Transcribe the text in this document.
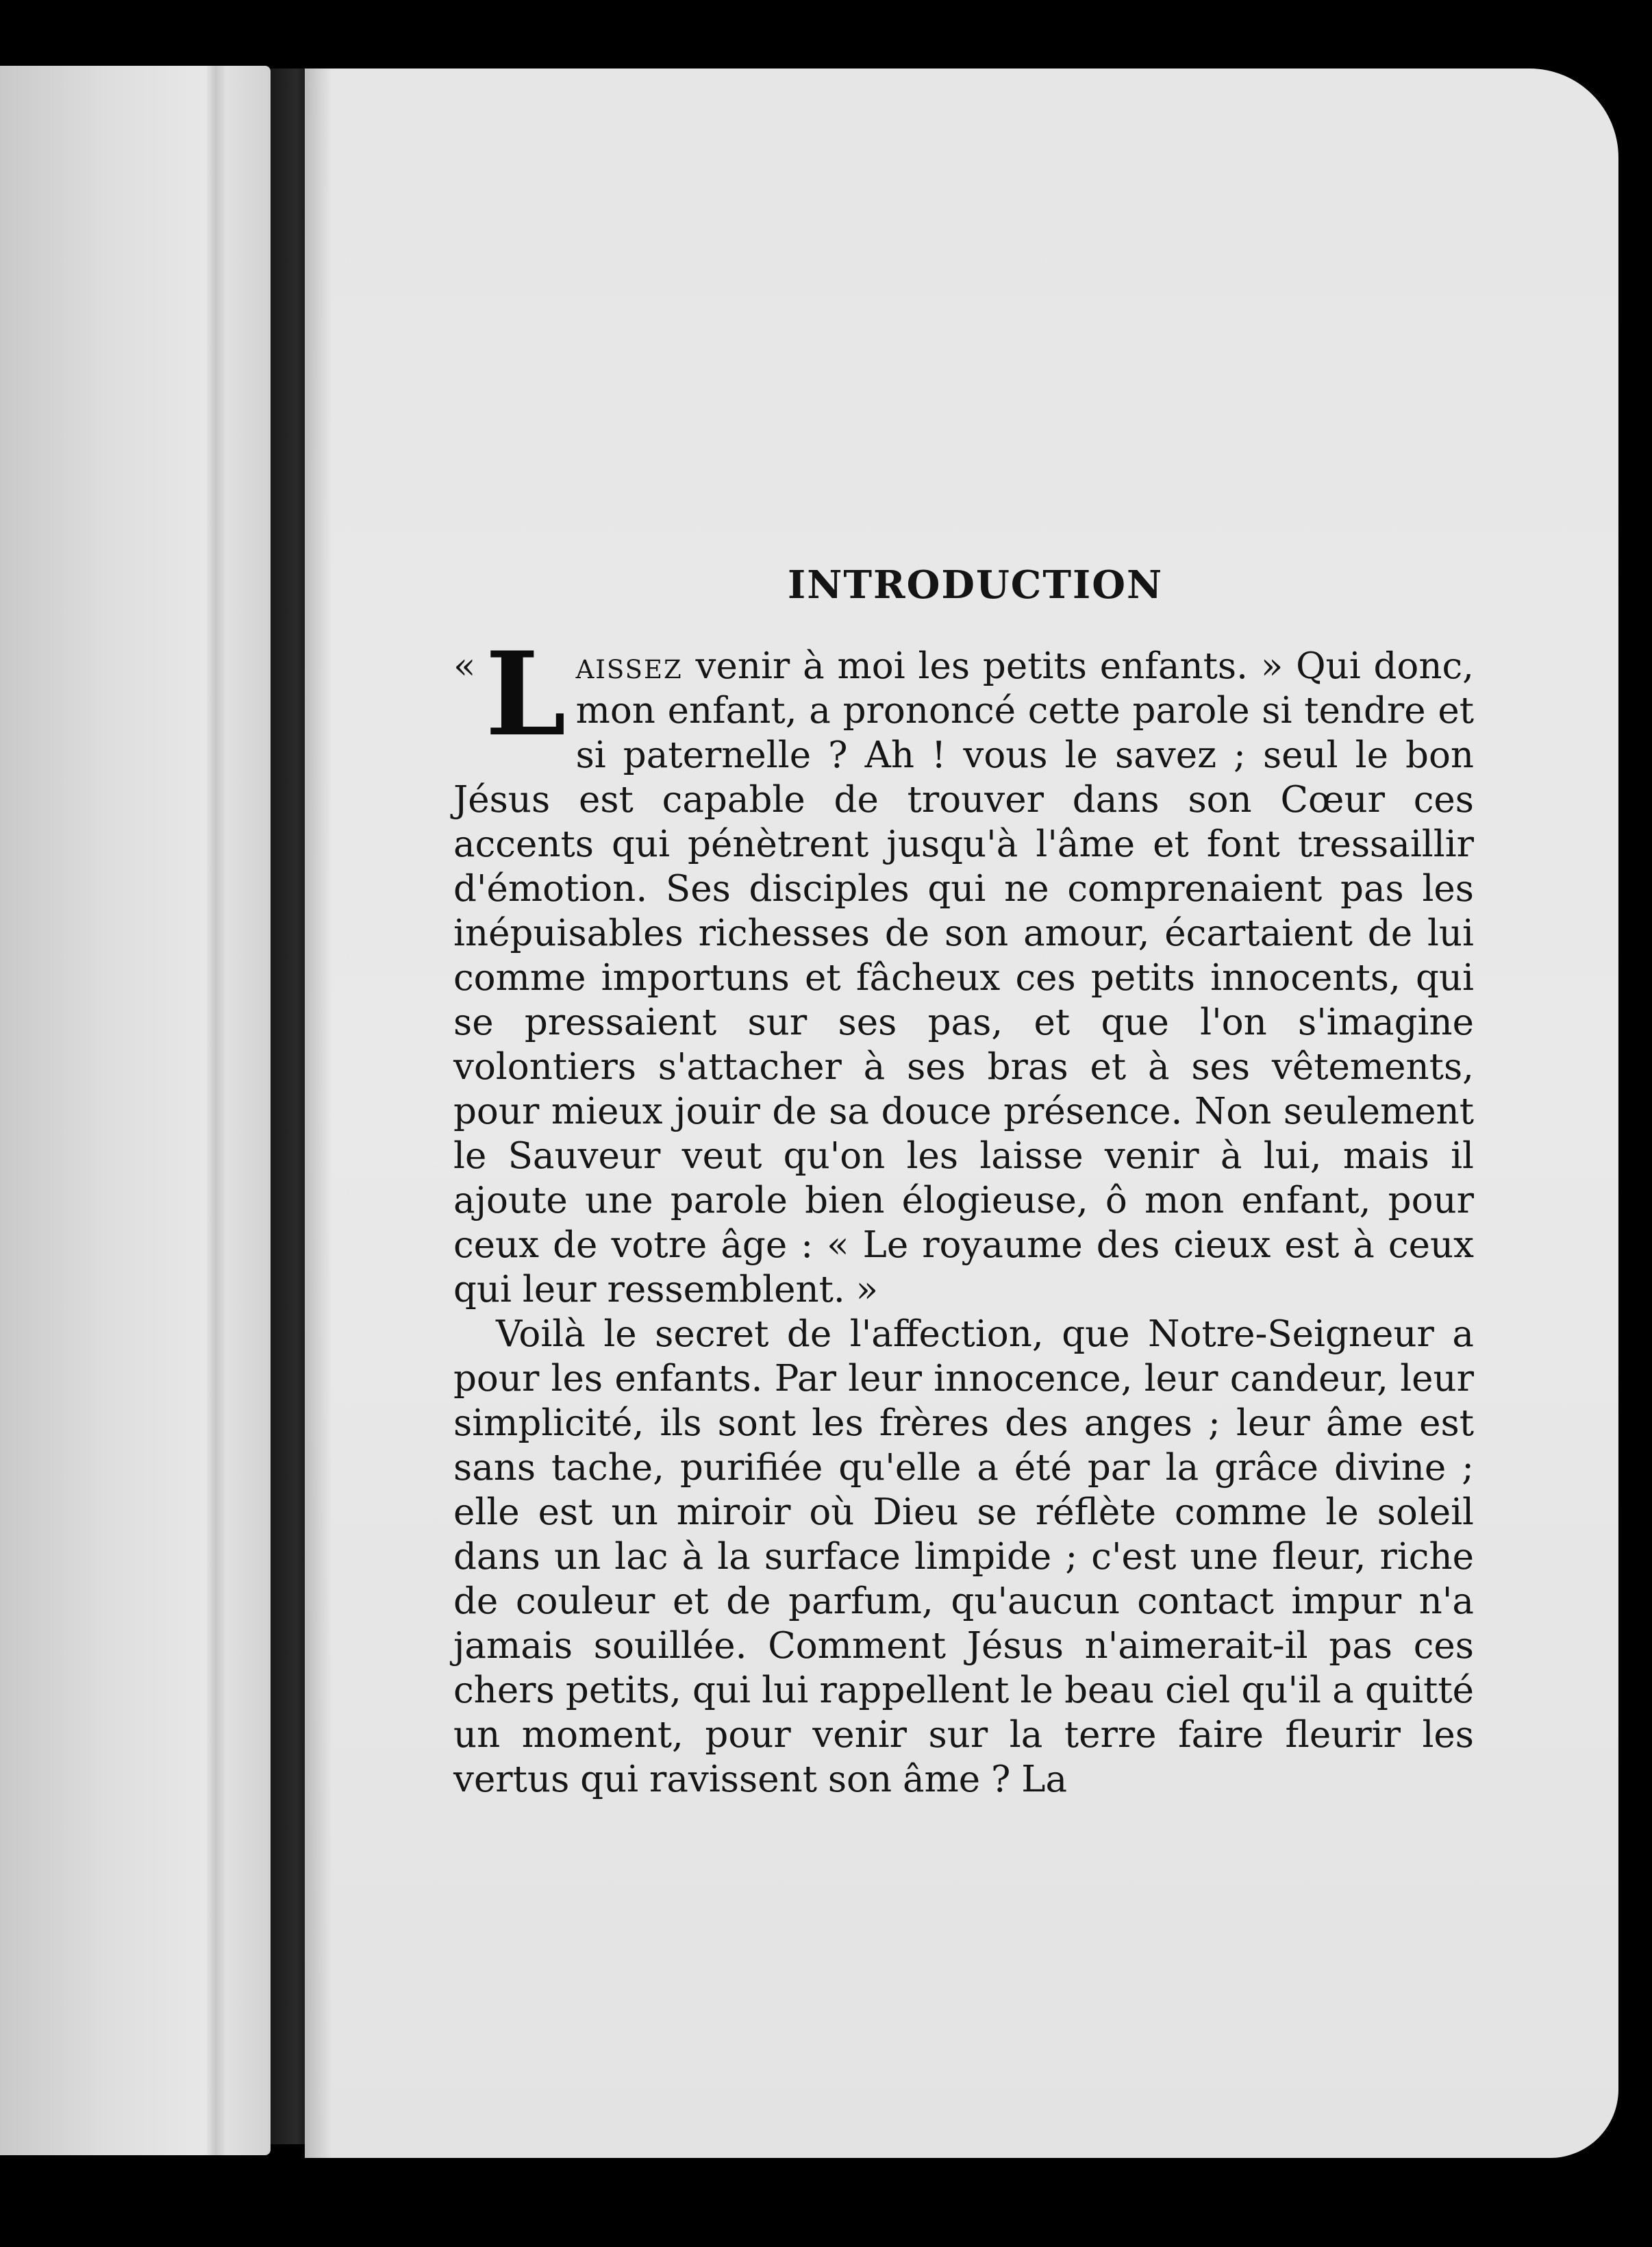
INTRODUCTION

« L aissez venir à moi les petits enfants. » Qui donc, mon enfant, a prononcé cette parole si tendre et si paternelle ? Ah ! vous le savez ; seul le bon Jésus est capable de trouver dans son Cœur ces accents qui pénètrent jusqu'à l'âme et font tressaillir d'émotion. Ses disciples qui ne comprenaient pas les inépuisables richesses de son amour, écartaient de lui comme importuns et fâcheux ces petits innocents, qui se pressaient sur ses pas, et que l'on s'imagine volontiers s'attacher à ses bras et à ses vêtements, pour mieux jouir de sa douce présence. Non seulement le Sauveur veut qu'on les laisse venir à lui, mais il ajoute une parole bien élogieuse, ô mon enfant, pour ceux de votre âge : « Le royaume des cieux est à ceux qui leur ressemblent. »

Voilà le secret de l'affection, que Notre-Seigneur a pour les enfants. Par leur innocence, leur candeur, leur simplicité, ils sont les frères des anges ; leur âme est sans tache, purifiée qu'elle a été par la grâce divine ; elle est un miroir où Dieu se réflète comme le soleil dans un lac à la surface limpide ; c'est une fleur, riche de couleur et de parfum, qu'aucun contact impur n'a jamais souillée. Comment Jésus n'aimerait-il pas ces chers petits, qui lui rappellent le beau ciel qu'il a quitté un moment, pour venir sur la terre faire fleurir les vertus qui ravissent son âme ? La
